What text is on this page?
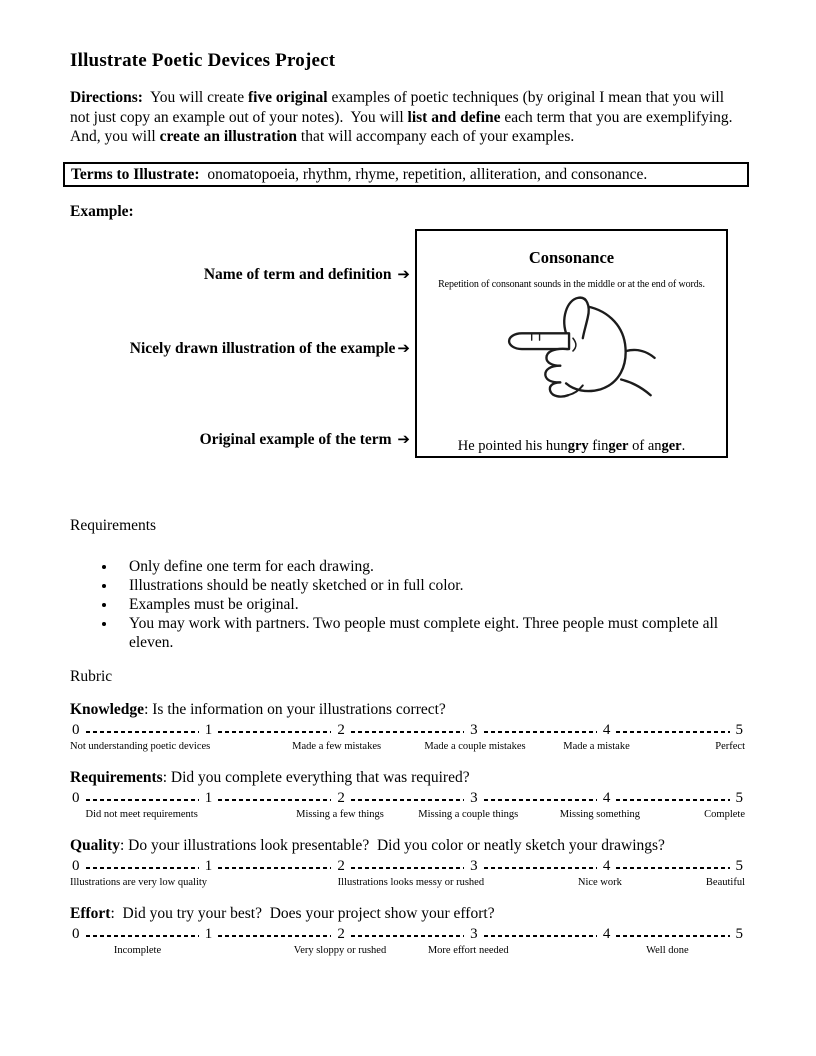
Illustrate Poetic Devices Project

Directions:  You will create five original examples of poetic techniques (by original I mean that you will not just copy an example out of your notes).  You will list and define each term that you are exemplifying.  And, you will create an illustration that will accompany each of your examples.

Terms to Illustrate:  onomatopoeia, rhythm, rhyme, repetition, alliteration, and consonance.
Example:
Name of term and definition ➔
Nicely drawn illustration of the example ➔
Original example of the term ➔
Consonance
Repetition of consonant sounds in the middle or at the end of words.
He pointed his hungry finger of anger.
Requirements
• Only define one term for each drawing.
• Illustrations should be neatly sketched or in full color.
• Examples must be original.
• You may work with partners. Two people must complete eight. Three people must complete all eleven.
Rubric

Knowledge: Is the information on your illustrations correct?

0	1	2	3	4	5
Not understanding poetic devices	Made a few mistakes	Made a couple mistakes	Made a mistake	Perfect

Requirements: Did you complete everything that was required?

0	1	2	3	4	5
Did not meet requirements	Missing a few things	Missing a couple things	Missing something	Complete

Quality: Do your illustrations look presentable?  Did you color or neatly sketch your drawings?

0	1	2	3	4	5
Illustrations are very low quality	Illustrations looks messy or rushed	Nice work	Beautiful

Effort:  Did you try your best?  Does your project show your effort?

0	1	2	3	4	5
Incomplete	Very sloppy or rushed	More effort needed	Well done
